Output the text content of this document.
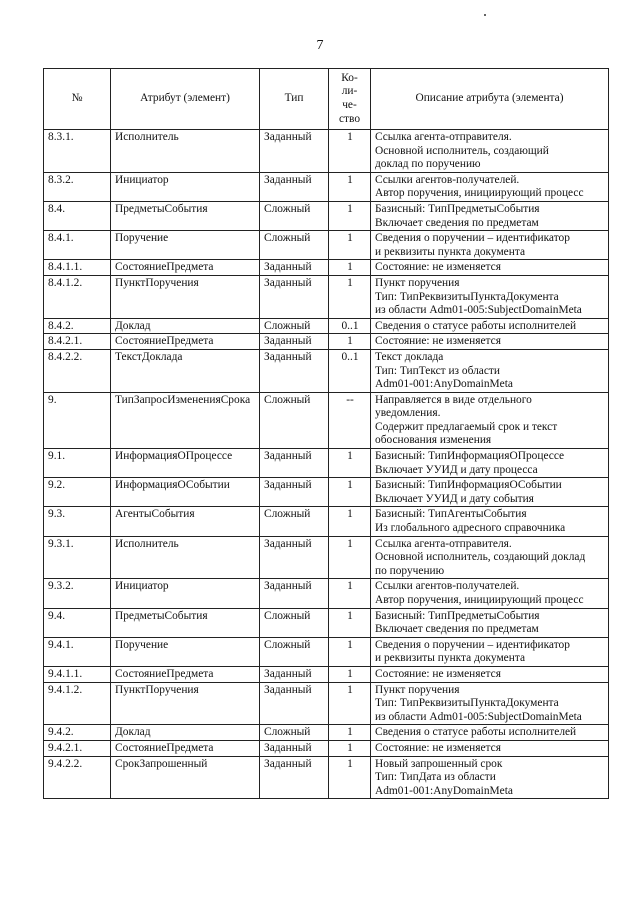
7
№	Атрибут (элемент)	Тип	Ко-
ли-
че-
ство	Описание атрибута (элемента)
8.3.1.	Исполнитель	Заданный	1	Ссылка агента-отправителя.
Основной исполнитель, создающий
доклад по поручению

8.3.2.	Инициатор	Заданный	1	Ссылки агентов-получателей.
Автор поручения, инициирующий процесс

8.4.	ПредметыСобытия	Сложный	1	Базисный: ТипПредметыСобытия
Включает сведения по предметам

8.4.1.	Поручение	Сложный	1	Сведения о поручении – идентификатор
и реквизиты пункта документа

8.4.1.1.	СостояниеПредмета	Заданный	1	Состояние: не изменяется

8.4.1.2.	ПунктПоручения	Заданный	1	Пункт поручения
Тип: ТипРеквизитыПунктаДокумента
из области Adm01-005:SubjectDomainMeta

8.4.2.	Доклад	Сложный	0..1	Сведения о статусе работы исполнителей

8.4.2.1.	СостояниеПредмета	Заданный	1	Состояние: не изменяется

8.4.2.2.	ТекстДоклада	Заданный	0..1	Текст доклада
Тип: ТипТекст из области
Adm01-001:AnyDomainMeta

9.	ТипЗапросИзмененияСрока	Сложный	--	Направляется в виде отдельного
уведомления.
Содержит предлагаемый срок и текст
обоснования изменения

9.1.	ИнформацияОПроцессе	Заданный	1	Базисный: ТипИнформацияОПроцессе
Включает УУИД и дату процесса

9.2.	ИнформацияОСобытии	Заданный	1	Базисный: ТипИнформацияОСобытии
Включает УУИД и дату события

9.3.	АгентыСобытия	Сложный	1	Базисный: ТипАгентыСобытия
Из глобального адресного справочника

9.3.1.	Исполнитель	Заданный	1	Ссылка агента-отправителя.
Основной исполнитель, создающий доклад
по поручению

9.3.2.	Инициатор	Заданный	1	Ссылки агентов-получателей.
Автор поручения, инициирующий процесс

9.4.	ПредметыСобытия	Сложный	1	Базисный: ТипПредметыСобытия
Включает сведения по предметам

9.4.1.	Поручение	Сложный	1	Сведения о поручении – идентификатор
и реквизиты пункта документа

9.4.1.1.	СостояниеПредмета	Заданный	1	Состояние: не изменяется

9.4.1.2.	ПунктПоручения	Заданный	1	Пункт поручения
Тип: ТипРеквизитыПунктаДокумента
из области Adm01-005:SubjectDomainMeta

9.4.2.	Доклад	Сложный	1	Сведения о статусе работы исполнителей

9.4.2.1.	СостояниеПредмета	Заданный	1	Состояние: не изменяется

9.4.2.2.	СрокЗапрошенный	Заданный	1	Новый запрошенный срок
Тип: ТипДата из области
Adm01-001:AnyDomainMeta
